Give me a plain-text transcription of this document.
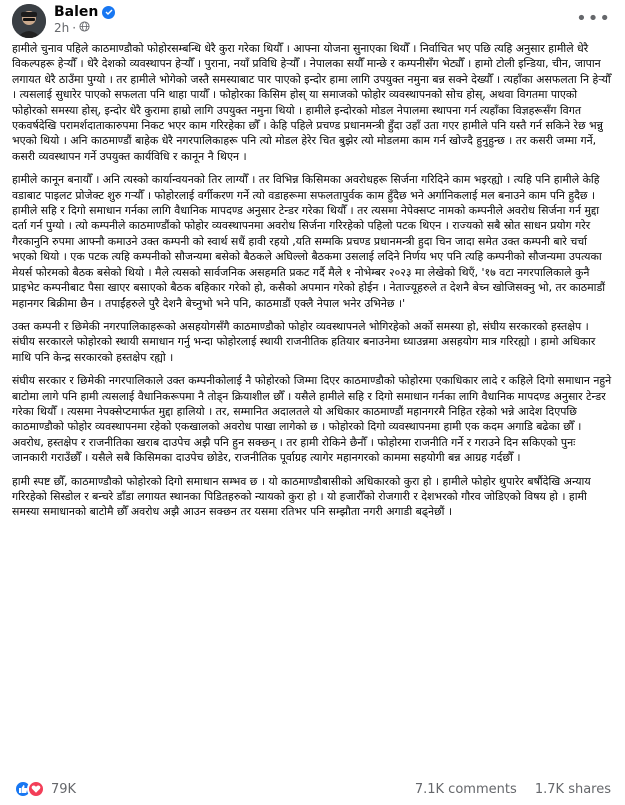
Balen
2h ·	•••

हामीले चुनाव पहिले काठमाण्डौको फोहोरसम्बन्धि धेरै कुरा गरेका थियौँ । आफ्ना योजना सुनाएका थियौँ । निर्वाचित भए पछि त्यहि अनुसार हामीले धेरै विकल्पहरू हेर्‍यौँ । धेरै देशको व्यवस्थापन हेर्‍यौँ । पुराना, नयाँ प्रविधि हेर्‍यौँ । नेपालका सयौँ मान्छे र कम्पनीसँग भेट्यौँ । हामो टोली इन्डिया, चीन, जापान लगायत धेरै ठाउँमा पुग्यो । तर हामीले भोगेको जस्तै समस्याबाट पार पाएको इन्दोर हामा लागि उपयुक्त नमुना बन्न सक्ने देख्यौँ । त्यहाँका असफलता नि हेर्‍यौँ । त्यसलाई सुधारेर पाएको सफलता पनि थाहा पायौँ । फोहोरका किसिम होस् या समाजको फोहोर व्यवस्थापनको सोच होस्, अथवा विगतमा पाएको फोहोरको समस्या होस्, इन्दोर धेरै कुरामा हाम्रो लागि उपयुक्त नमुना थियो । हामीले इन्दोरको मोडल नेपालमा स्थापना गर्न त्यहाँका विज्ञहरूसँग विगत एकवर्षदेखि परामर्शदाताकारुपमा निकट भएर काम गरिरहेका छौँ । केहि पहिले प्रचण्ड प्रधानमन्त्री हुँदा उहाँ उता गएर हामीले पनि यस्तै गर्न सकिने रेछ भन्नु भएको थियो । अनि काठमाण्डौं बाहेक धेरै नगरपालिकाहरू पनि त्यो मोडल हेरेर चित बुझेर त्यो मोडलमा काम गर्न खोज्दै हुनुहुन्छ । तर कसरी जम्मा गर्ने, कसरी व्यवस्थापन गर्ने उपयुक्त कार्यविधि र कानून नै थिएन ।

हामीले कानून बनायौँ । अनि त्यस्को कार्यान्वयनको तिर लाग्यौँ । तर विभिन्न किसिमका अवरोधहरू सिर्जना गरिदिने काम भइरह्यो । त्यहि पनि हामीले केहि वडाबाट पाइलट प्रोजेक्ट शुरु गर्‍यौँ । फोहोरलाई वर्गीकरण गर्ने त्यो वडाहरूमा सफलतापुर्वक काम हुँदैछ भने अर्गानिकलाई मल बनाउने काम पनि हुदैछ । हामीले सहि र दिगो समाधान गर्नका लागि वैधानिक मापदण्ड अनुसार टेन्डर गरेका थियौँ । तर त्यसमा नेपेक्सप्ट नामको कम्पनीले अवरोध सिर्जना गर्न मुद्दा दर्ता गर्न पुग्यो । त्यो कम्पनीले काठमाण्डौंको फोहोर व्यवस्थापनमा अवरोध सिर्जना गरिरहेको पहिलो पटक थिएन । राज्यको सबै स्रोत साधन प्रयोग गरेर गैरकानुनि रुपमा आफ्नौ कमाउने उक्त कम्पनी को स्वार्थ सधैं हावी रहयो ,यति सम्मकि प्रचण्ड प्रधानमन्त्री हुदा चिन जादा समेत उक्त कम्पनी बारे चर्चा भएको थियो । एक पटक त्यहि कम्पनीको सौजन्यमा बसेको बैठकले अघिल्लो बैठकमा उसलाई लदिने निर्णय भए पनि त्यहि कम्पनीको सौजन्यमा उपत्यका मेयर्स फोरमको बैठक बसेको थियो । मैले त्यसको सार्वजनिक असहमति प्रकट गर्दै मैले १ नोभेम्बर २०२३ मा लेखेको थिएँ, '१७ वटा नगरपालिकाले कुनै प्राइभेट कम्पनीबाट पैसा खाएर बसाएको बैठक बहिकार गरेको हो, कसैको अपमान गरेको होईन । नेताज्यूहरुले त देशनै बेच्न खोजिसक्नु भो, तर काठमाडौं महानगर बिक्रीमा छैन । तपाईंहरुले पुरै देशनै बेच्नुभो भने पनि, काठमाडौं एक्लै नेपाल भनेर उभिनेछ ।'

उक्त कम्पनी र छिमेकी नगरपालिकाहरूको असहयोगसँगै काठमाण्डौको फोहोर व्यवस्थापनले भोगिरहेको अर्को समस्या हो, संघीय सरकारको हस्तक्षेप । संघीय सरकारले फोहोरको स्थायी समाधान गर्नु भन्दा फोहोरलाई स्थायी राजनीतिक हतियार बनाउनेमा ध्याउन्नमा असहयोग मात्र गरिरह्यो । हामो अधिकार माथि पनि केन्द्र सरकारको हस्तक्षेप रह्यो ।

संघीय सरकार र छिमेकी नगरपालिकाले उक्त कम्पनीकोलाई नै फोहोरको जिम्मा दिएर काठमाण्डौको फोहोरमा एकाधिकार लादे र कहिले दिगो समाधान नहुने बाटोमा लागे पनि हामी त्यसलाई वैधानिकरूपमा नै तोड्न क्रियाशील छौँ । यसैले हामीले सहि र दिगो समाधान गर्नका लागि वैधानिक मापदण्ड अनुसार टेन्डर गरेका थियौँ । त्यसमा नेपक्सेप्टमार्फत मुद्दा हालियो । तर, सम्मानित अदालतले यो अधिकार काठमाण्डौं महानगरमै निहित रहेको भन्ने आदेश दिएपछि काठमाण्डौको फोहोर व्यवस्थापनमा रहेको एकखालको अवरोध पाखा लागेको छ । फोहोरको दिगो व्यवस्थापनमा हामी एक कदम अगाडि बढेका छौँ । अवरोध, हस्तक्षेप र राजनीतिका खराब दाउपेच अझै पनि हुन सक्छन् । तर हामी रोकिने छैनौँ । फोहोरमा राजनीति गर्ने र गराउने दिन सकिएको पुनः जानकारी गराउँछौँ । यसैले सबै किसिमका दाउपेच छोडेर, राजनीतिक पूर्वाग्रह त्यागेर महानगरको काममा सहयोगी बन्न आग्रह गर्दछौँ ।

हामी स्पष्ट छौँ, काठमाण्डौको फोहोरको दिगो समाधान सम्भव छ । यो काठमाण्डौबासीको अधिकारको कुरा हो । हामीले फोहोर थुपारेर बर्षौदेखि अन्याय गरिरहेको सिस्डोल र बन्चरे डाँडा लगायत स्थानका पिडितहरुको न्यायको कुरा हो । यो हजारौँको रोजगारी र देशभरको गौरव जोडिएको विषय हो । हामी समस्या समाधानको बाटोमै छौँ अवरोध अझै आउन सक्छन तर यसमा रतिभर पनि सम्झौता नगरी अगाडी बढ्नेछौं ।

79K	7.1K comments 1.7K shares
